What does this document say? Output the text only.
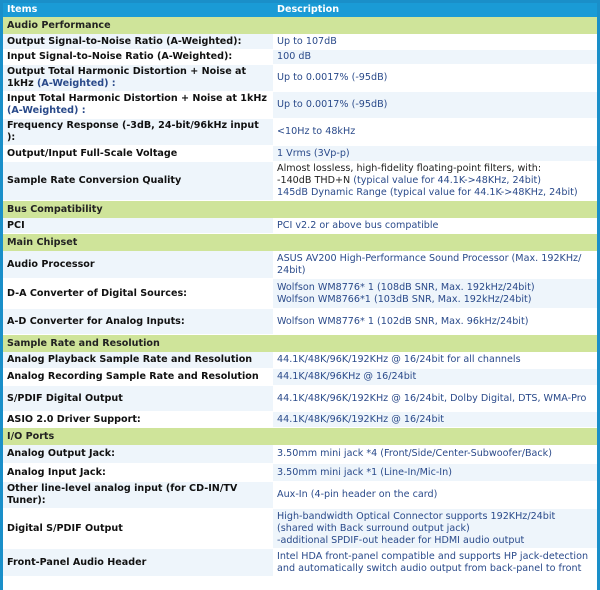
Items	Description
Audio Performance	
Output Signal-to-Noise Ratio (A-Weighted):	Up to 107dB
Input Signal-to-Noise Ratio (A-Weighted):	100 dB
Output Total Harmonic Distortion + Noise at 1kHz (A-Weighted) :	Up to 0.0017% (-95dB)
Input Total Harmonic Distortion + Noise at 1kHz (A-Weighted) :	Up to 0.0017% (-95dB)
Frequency Response (-3dB, 24-bit/96kHz input ):	<10Hz to 48kHz
Output/Input Full-Scale Voltage	1 Vrms (3Vp-p)
Sample Rate Conversion Quality	Almost lossless, high-fidelity floating-point filters, with:
-140dB THD+N (typical value for 44.1K->48KHz, 24bit)
145dB Dynamic Range (typical value for 44.1K->48KHz, 24bit)

Bus Compatibility	
PCI	PCI v2.2 or above bus compatible
Main Chipset	
Audio Processor	ASUS AV200 High-Performance Sound Processor (Max. 192KHz/ 24bit)
D-A Converter of Digital Sources:	Wolfson WM8776* 1 (108dB SNR, Max. 192kHz/24bit)
Wolfson WM8766*1 (103dB SNR, Max. 192kHz/24bit)

A-D Converter for Analog Inputs:	Wolfson WM8776* 1 (102dB SNR, Max. 96kHz/24bit)
Sample Rate and Resolution	
Analog Playback Sample Rate and Resolution	44.1K/48K/96K/192KHz @ 16/24bit for all channels
Analog Recording Sample Rate and Resolution	44.1K/48K/96KHz @ 16/24bit
S/PDIF Digital Output	44.1K/48K/96K/192KHz @ 16/24bit, Dolby Digital, DTS, WMA-Pro
ASIO 2.0 Driver Support:	44.1K/48K/96K/192KHz @ 16/24bit
I/O Ports	
Analog Output Jack:	3.50mm mini jack *4 (Front/Side/Center-Subwoofer/Back)
Analog Input Jack:	3.50mm mini jack *1 (Line-In/Mic-In)
Other line-level analog input (for CD-IN/TV Tuner):	Aux-In (4-pin header on the card)
Digital S/PDIF Output	High-bandwidth Optical Connector supports 192KHz/24bit
(shared with Back surround output jack)
-additional SPDIF-out header for HDMI audio output

Front-Panel Audio Header	Intel HDA front-panel compatible and supports HP jack-detection
and automatically switch audio output from back-panel to front
